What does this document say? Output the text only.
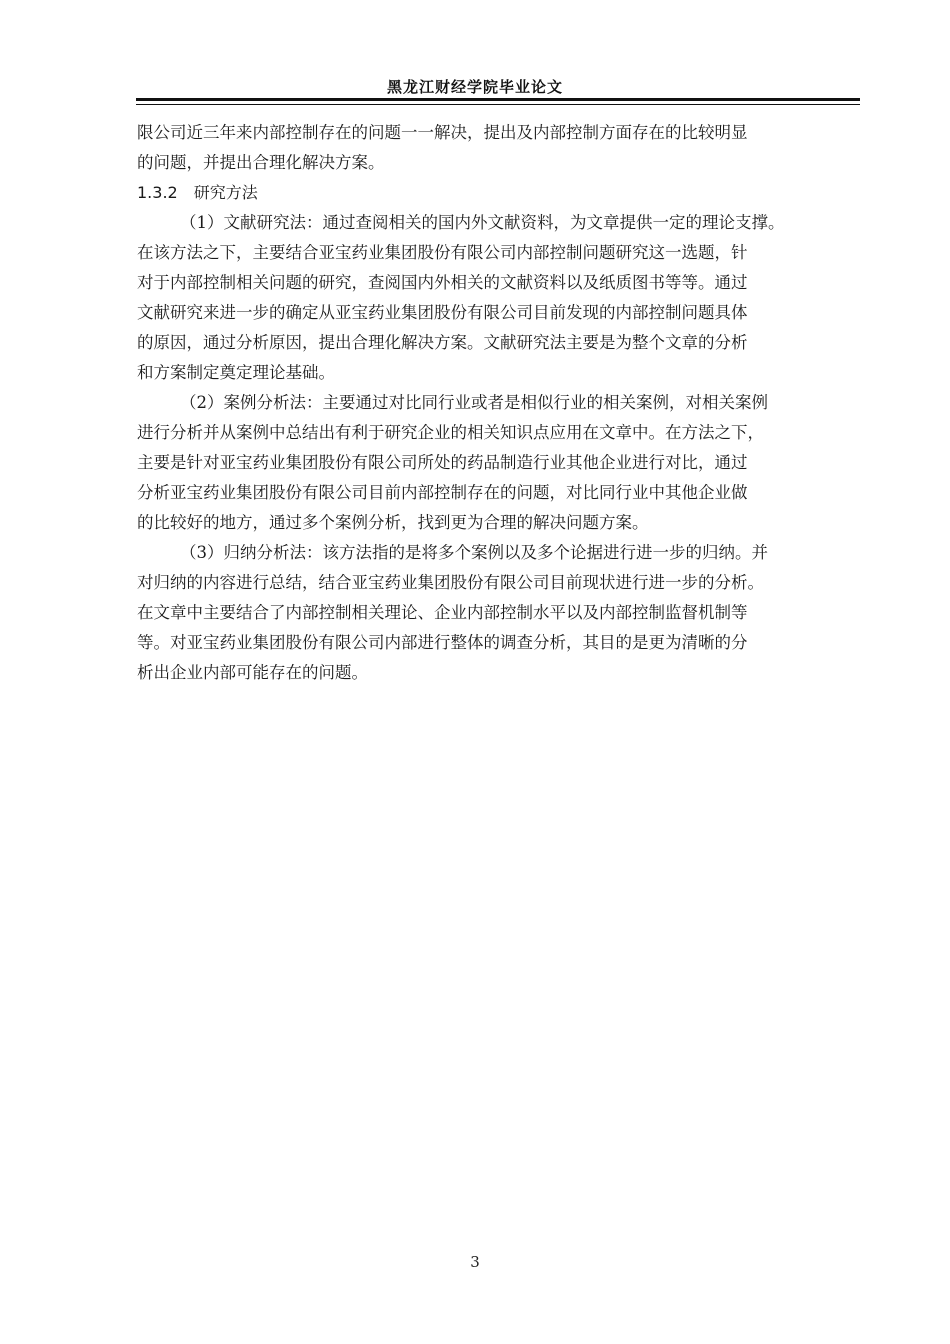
黑龙江财经学院毕业论文
限公司近三年来内部控制存在的问题一一解决，提出及内部控制方面存在的比较明显
的问题，并提出合理化解决方案。
1.3.2　研究方法
（1）文献研究法：通过查阅相关的国内外文献资料，为文章提供一定的理论支撑。
在该方法之下，主要结合亚宝药业集团股份有限公司内部控制问题研究这一选题，针
对于内部控制相关问题的研究，查阅国内外相关的文献资料以及纸质图书等等。通过
文献研究来进一步的确定从亚宝药业集团股份有限公司目前发现的内部控制问题具体
的原因，通过分析原因，提出合理化解决方案。文献研究法主要是为整个文章的分析
和方案制定奠定理论基础。
（2）案例分析法：主要通过对比同行业或者是相似行业的相关案例，对相关案例
进行分析并从案例中总结出有利于研究企业的相关知识点应用在文章中。在方法之下，
主要是针对亚宝药业集团股份有限公司所处的药品制造行业其他企业进行对比，通过
分析亚宝药业集团股份有限公司目前内部控制存在的问题，对比同行业中其他企业做
的比较好的地方，通过多个案例分析，找到更为合理的解决问题方案。
（3）归纳分析法：该方法指的是将多个案例以及多个论据进行进一步的归纳。并
对归纳的内容进行总结，结合亚宝药业集团股份有限公司目前现状进行进一步的分析。
在文章中主要结合了内部控制相关理论、企业内部控制水平以及内部控制监督机制等
等。对亚宝药业集团股份有限公司内部进行整体的调查分析，其目的是更为清晰的分
析出企业内部可能存在的问题。
3
